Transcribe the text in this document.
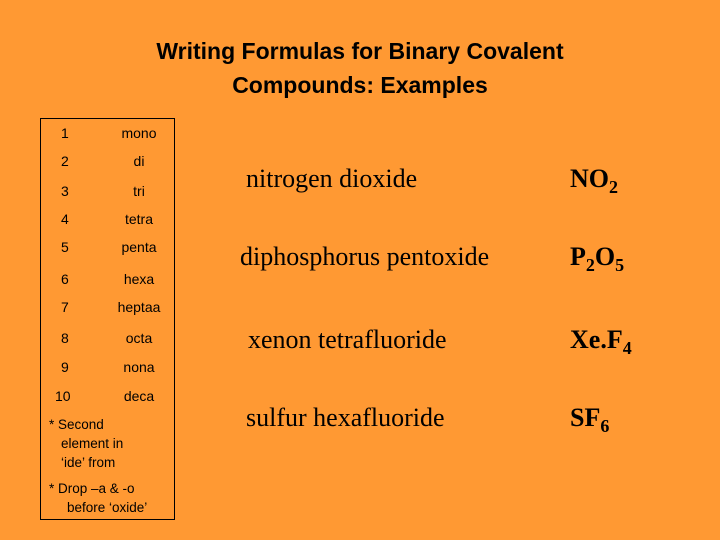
Writing Formulas for Binary Covalent
Compounds: Examples
1	mono
2	di
3	tri
4	tetra
5	penta
6	hexa
7	heptaa
8	octa
9	nona
10	deca
* Second
element in
‘ide’ from
* Drop –a & -o
before ‘oxide’
nitrogen dioxide	$NO_2$
diphosphorus pentoxide	$P_2O_5$
xenon tetrafluoride	$Xe.F_4$
sulfur hexafluoride	$SF_6$
